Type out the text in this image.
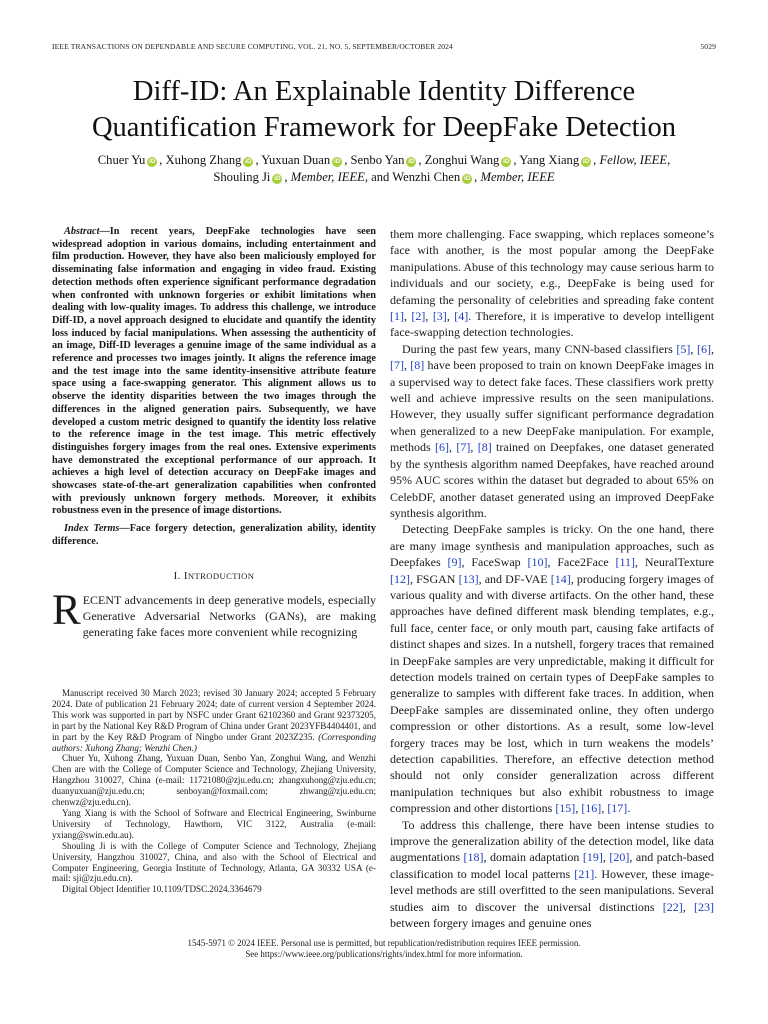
IEEE TRANSACTIONS ON DEPENDABLE AND SECURE COMPUTING, VOL. 21, NO. 5, SEPTEMBER/OCTOBER 2024	5029
Diff-ID: An Explainable Identity Difference
Quantification Framework for DeepFake Detection
Chuer Yu iD , Xuhong Zhang iD , Yuxuan Duan iD , Senbo Yan iD , Zonghui Wang iD , Yang Xiang iD , Fellow, IEEE,
Shouling Ji iD , Member, IEEE, and Wenzhi Chen iD , Member, IEEE

Abstract—In recent years, DeepFake technologies have seen widespread adoption in various domains, including entertainment and film production. However, they have also been maliciously employed for disseminating false information and engaging in video fraud. Existing detection methods often experience significant performance degradation when confronted with unknown forgeries or exhibit limitations when dealing with low-quality images. To address this challenge, we introduce Diff-ID, a novel approach designed to elucidate and quantify the identity loss induced by facial manipulations. When assessing the authenticity of an image, Diff-ID leverages a genuine image of the same individual as a reference and processes two images jointly. It aligns the reference image and the test image into the same identity-insensitive attribute feature space using a face-swapping generator. This alignment allows us to observe the identity disparities between the two images through the differences in the aligned generation pairs. Subsequently, we have developed a custom metric designed to quantify the identity loss relative to the reference image in the test image. This metric effectively distinguishes forgery images from the real ones. Extensive experiments have demonstrated the exceptional performance of our approach. It achieves a high level of detection accuracy on DeepFake images and showcases state-of-the-art generalization capabilities when confronted with previously unknown forgery methods. Moreover, it exhibits robustness even in the presence of image distortions.

Index Terms—Face forgery detection, generalization ability, identity difference.

I. INTRODUCTION

RECENT advancements in deep generative models, especially Generative Adversarial Networks (GANs), are making generating fake faces more convenient while recognizing

Manuscript received 30 March 2023; revised 30 January 2024; accepted 5 February 2024. Date of publication 21 February 2024; date of current version 4 September 2024. This work was supported in part by NSFC under Grant 62102360 and Grant 92373205, in part by the National Key R&D Program of China under Grant 2023YFB4404401, and in part by the Key R&D Program of Ningbo under Grant 2023Z235. (Corresponding authors: Xuhong Zhang; Wenzhi Chen.)

Chuer Yu, Xuhong Zhang, Yuxuan Duan, Senbo Yan, Zonghui Wang, and Wenzhi Chen are with the College of Computer Science and Technology, Zhejiang University, Hangzhou 310027, China (e-mail: 11721080@zju.edu.cn; zhangxuhong@zju.edu.cn; duanyuxuan@zju.edu.cn; senboyan@foxmail.com; zhwang@zju.edu.cn; chenwz@zju.edu.cn).

Yang Xiang is with the School of Software and Electrical Engineering, Swinburne University of Technology, Hawthorn, VIC 3122, Australia (e-mail: yxiang@swin.edu.au).

Shouling Ji is with the College of Computer Science and Technology, Zhejiang University, Hangzhou 310027, China, and also with the School of Electrical and Computer Engineering, Georgia Institute of Technology, Atlanta, GA 30332 USA (e-mail: sji@zju.edu.cn).

Digital Object Identifier 10.1109/TDSC.2024.3364679

them more challenging. Face swapping, which replaces someone’s face with another, is the most popular among the DeepFake manipulations. Abuse of this technology may cause serious harm to individuals and our society, e.g., DeepFake is being used for defaming the personality of celebrities and spreading fake content [1], [2], [3], [4]. Therefore, it is imperative to develop intelligent face-swapping detection technologies.

During the past few years, many CNN-based classifiers [5], [6], [7], [8] have been proposed to train on known DeepFake images in a supervised way to detect fake faces. These classifiers work pretty well and achieve impressive results on the seen manipulations. However, they usually suffer significant performance degradation when generalized to a new DeepFake manipulation. For example, methods [6], [7], [8] trained on Deepfakes, one dataset generated by the synthesis algorithm named Deepfakes, have reached around 95% AUC scores within the dataset but degraded to about 65% on CelebDF, another dataset generated using an improved DeepFake synthesis algorithm.

Detecting DeepFake samples is tricky. On the one hand, there are many image synthesis and manipulation approaches, such as Deepfakes [9], FaceSwap [10], Face2Face [11], NeuralTexture [12], FSGAN [13], and DF-VAE [14], producing forgery images of various quality and with diverse artifacts. On the other hand, these approaches have defined different mask blending templates, e.g., full face, center face, or only mouth part, causing fake artifacts of distinct shapes and sizes. In a nutshell, forgery traces that remained in DeepFake samples are very unpredictable, making it difficult for detection models trained on certain types of DeepFake samples to generalize to samples with different fake traces. In addition, when DeepFake samples are disseminated online, they often undergo compression or other distortions. As a result, some low-level forgery traces may be lost, which in turn weakens the models’ detection capabilities. Therefore, an effective detection method should not only consider generalization across different manipulation techniques but also exhibit robustness to image compression and other distortions [15], [16], [17].

To address this challenge, there have been intense studies to improve the generalization ability of the detection model, like data augmentations [18], domain adaptation [19], [20], and patch-based classification to model local patterns [21]. However, these image-level methods are still overfitted to the seen manipulations. Several studies aim to discover the universal distinctions [22], [23] between forgery images and genuine ones

1545-5971 © 2024 IEEE. Personal use is permitted, but republication/redistribution requires IEEE permission.
See https://www.ieee.org/publications/rights/index.html for more information.
